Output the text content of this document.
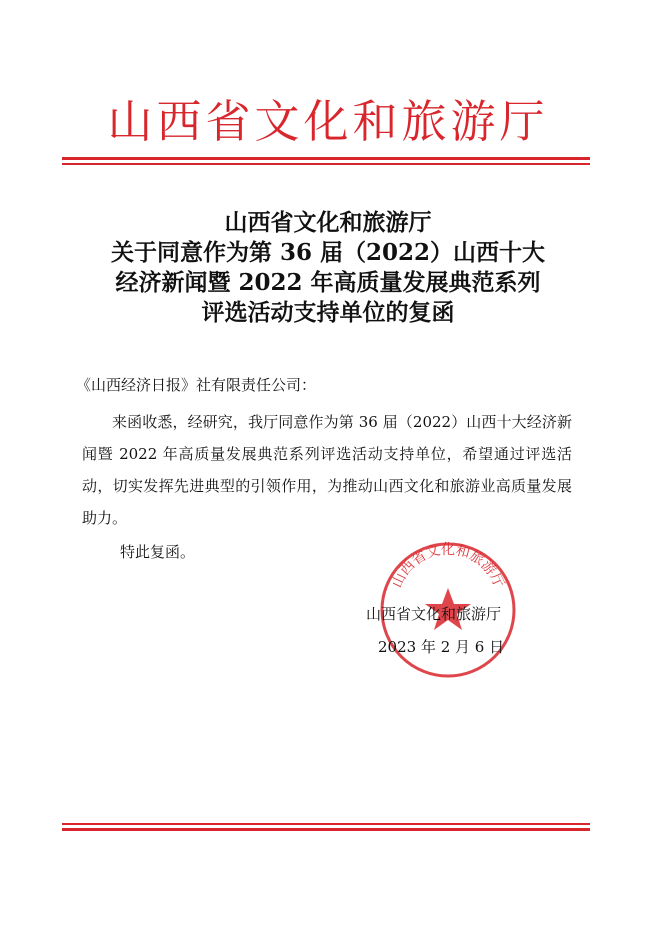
山西省文化和旅游厅
山西省文化和旅游厅
关于同意作为第 36 届（2022）山西十大
经济新闻暨 2022 年高质量发展典范系列
评选活动支持单位的复函
《山西经济日报》社有限责任公司：

来函收悉，经研究，我厅同意作为第 36 届（2022）山西十大经济新闻暨 2022 年高质量发展典范系列评选活动支持单位，希望通过评选活动，切实发挥先进典型的引领作用，为推动山西文化和旅游业高质量发展助力。

特此复函。
山西省文化和旅游厅
山西省文化和旅游厅
2023 年 2 月 6 日
